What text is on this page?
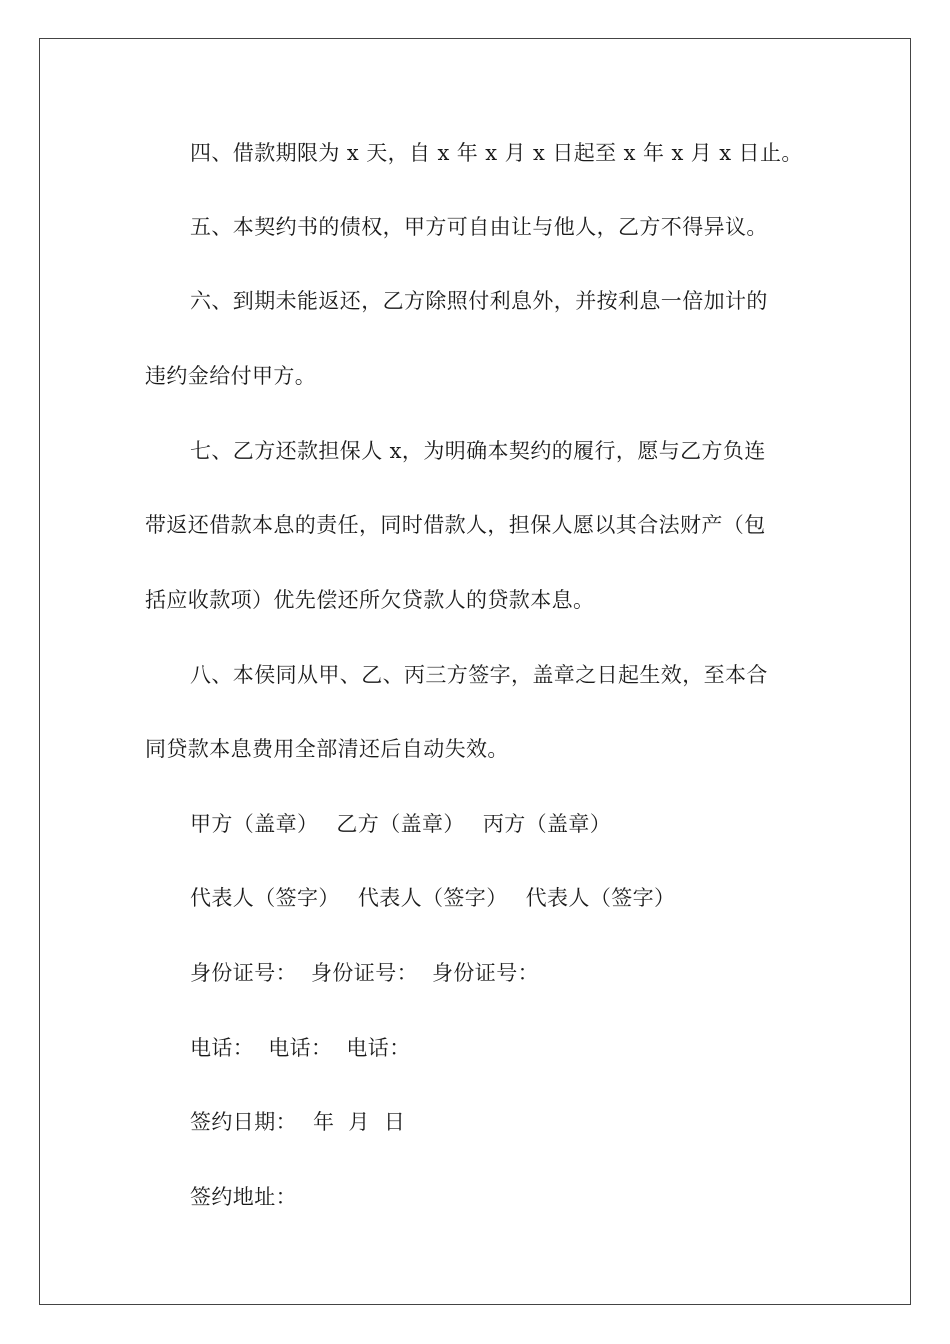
四、借款期限为 x 天，自 x 年 x 月 x 日起至 x 年 x 月 x 日止。
五、本契约书的债权，甲方可自由让与他人，乙方不得异议。
六、到期未能返还，乙方除照付利息外，并按利息一倍加计的
违约金给付甲方。
七、乙方还款担保人 x，为明确本契约的履行，愿与乙方负连
带返还借款本息的责任，同时借款人，担保人愿以其合法财产（包
括应收款项）优先偿还所欠贷款人的贷款本息。
八、本侯同从甲、乙、丙三方签字，盖章之日起生效，至本合
同贷款本息费用全部清还后自动失效。
甲方（盖章） 乙方（盖章） 丙方（盖章）
代表人（签字） 代表人（签字） 代表人（签字）
身份证号： 身份证号： 身份证号：
电话： 电话： 电话：
签约日期： 年 月 日
签约地址：
